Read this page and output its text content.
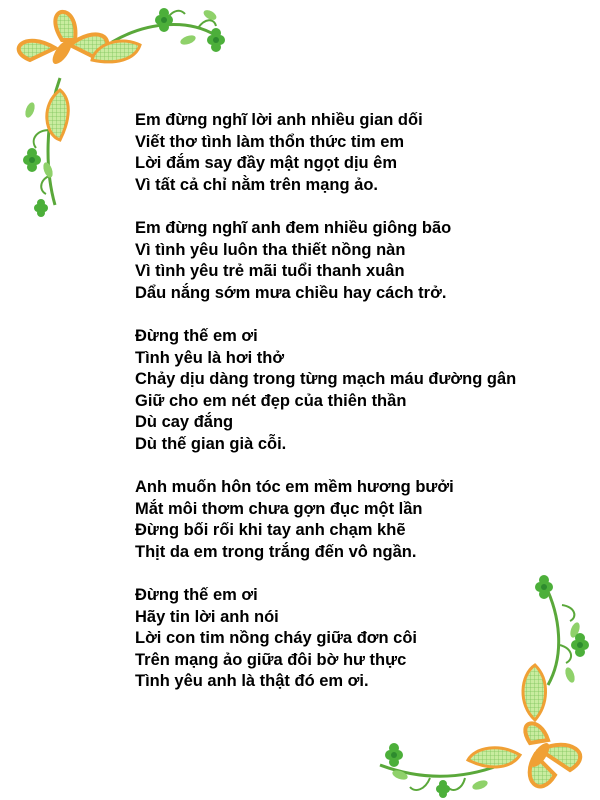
Em đừng nghĩ lời anh nhiều gian dối
Viết thơ tình làm thổn thức tim em
Lời đắm say đầy mật ngọt dịu êm
Vì tất cả chỉ nằm trên mạng ảo.
Em đừng nghĩ anh đem nhiều giông bão
Vì tình yêu luôn tha thiết nồng nàn
Vì tình yêu trẻ mãi tuổi thanh xuân
Dẩu nắng sớm mưa chiều hay cách trở.
Đừng thế em ơi
Tình yêu là hơi thở
Chảy dịu dàng trong từng mạch máu đường gân
Giữ cho em nét đẹp của thiên thần
Dù cay đắng
Dù thế gian già cỗi.
Anh muốn hôn tóc em mềm hương bưởi
Mắt môi thơm chưa gợn đục một lần
Đừng bối rối khi tay anh chạm khẽ
Thịt da em trong trắng đến vô ngần.
Đừng thế em ơi
Hãy tin lời anh nói
Lời con tim nồng cháy giữa đơn côi
Trên mạng ảo giữa đôi bờ hư thực
Tình yêu anh là thật đó em ơi.
